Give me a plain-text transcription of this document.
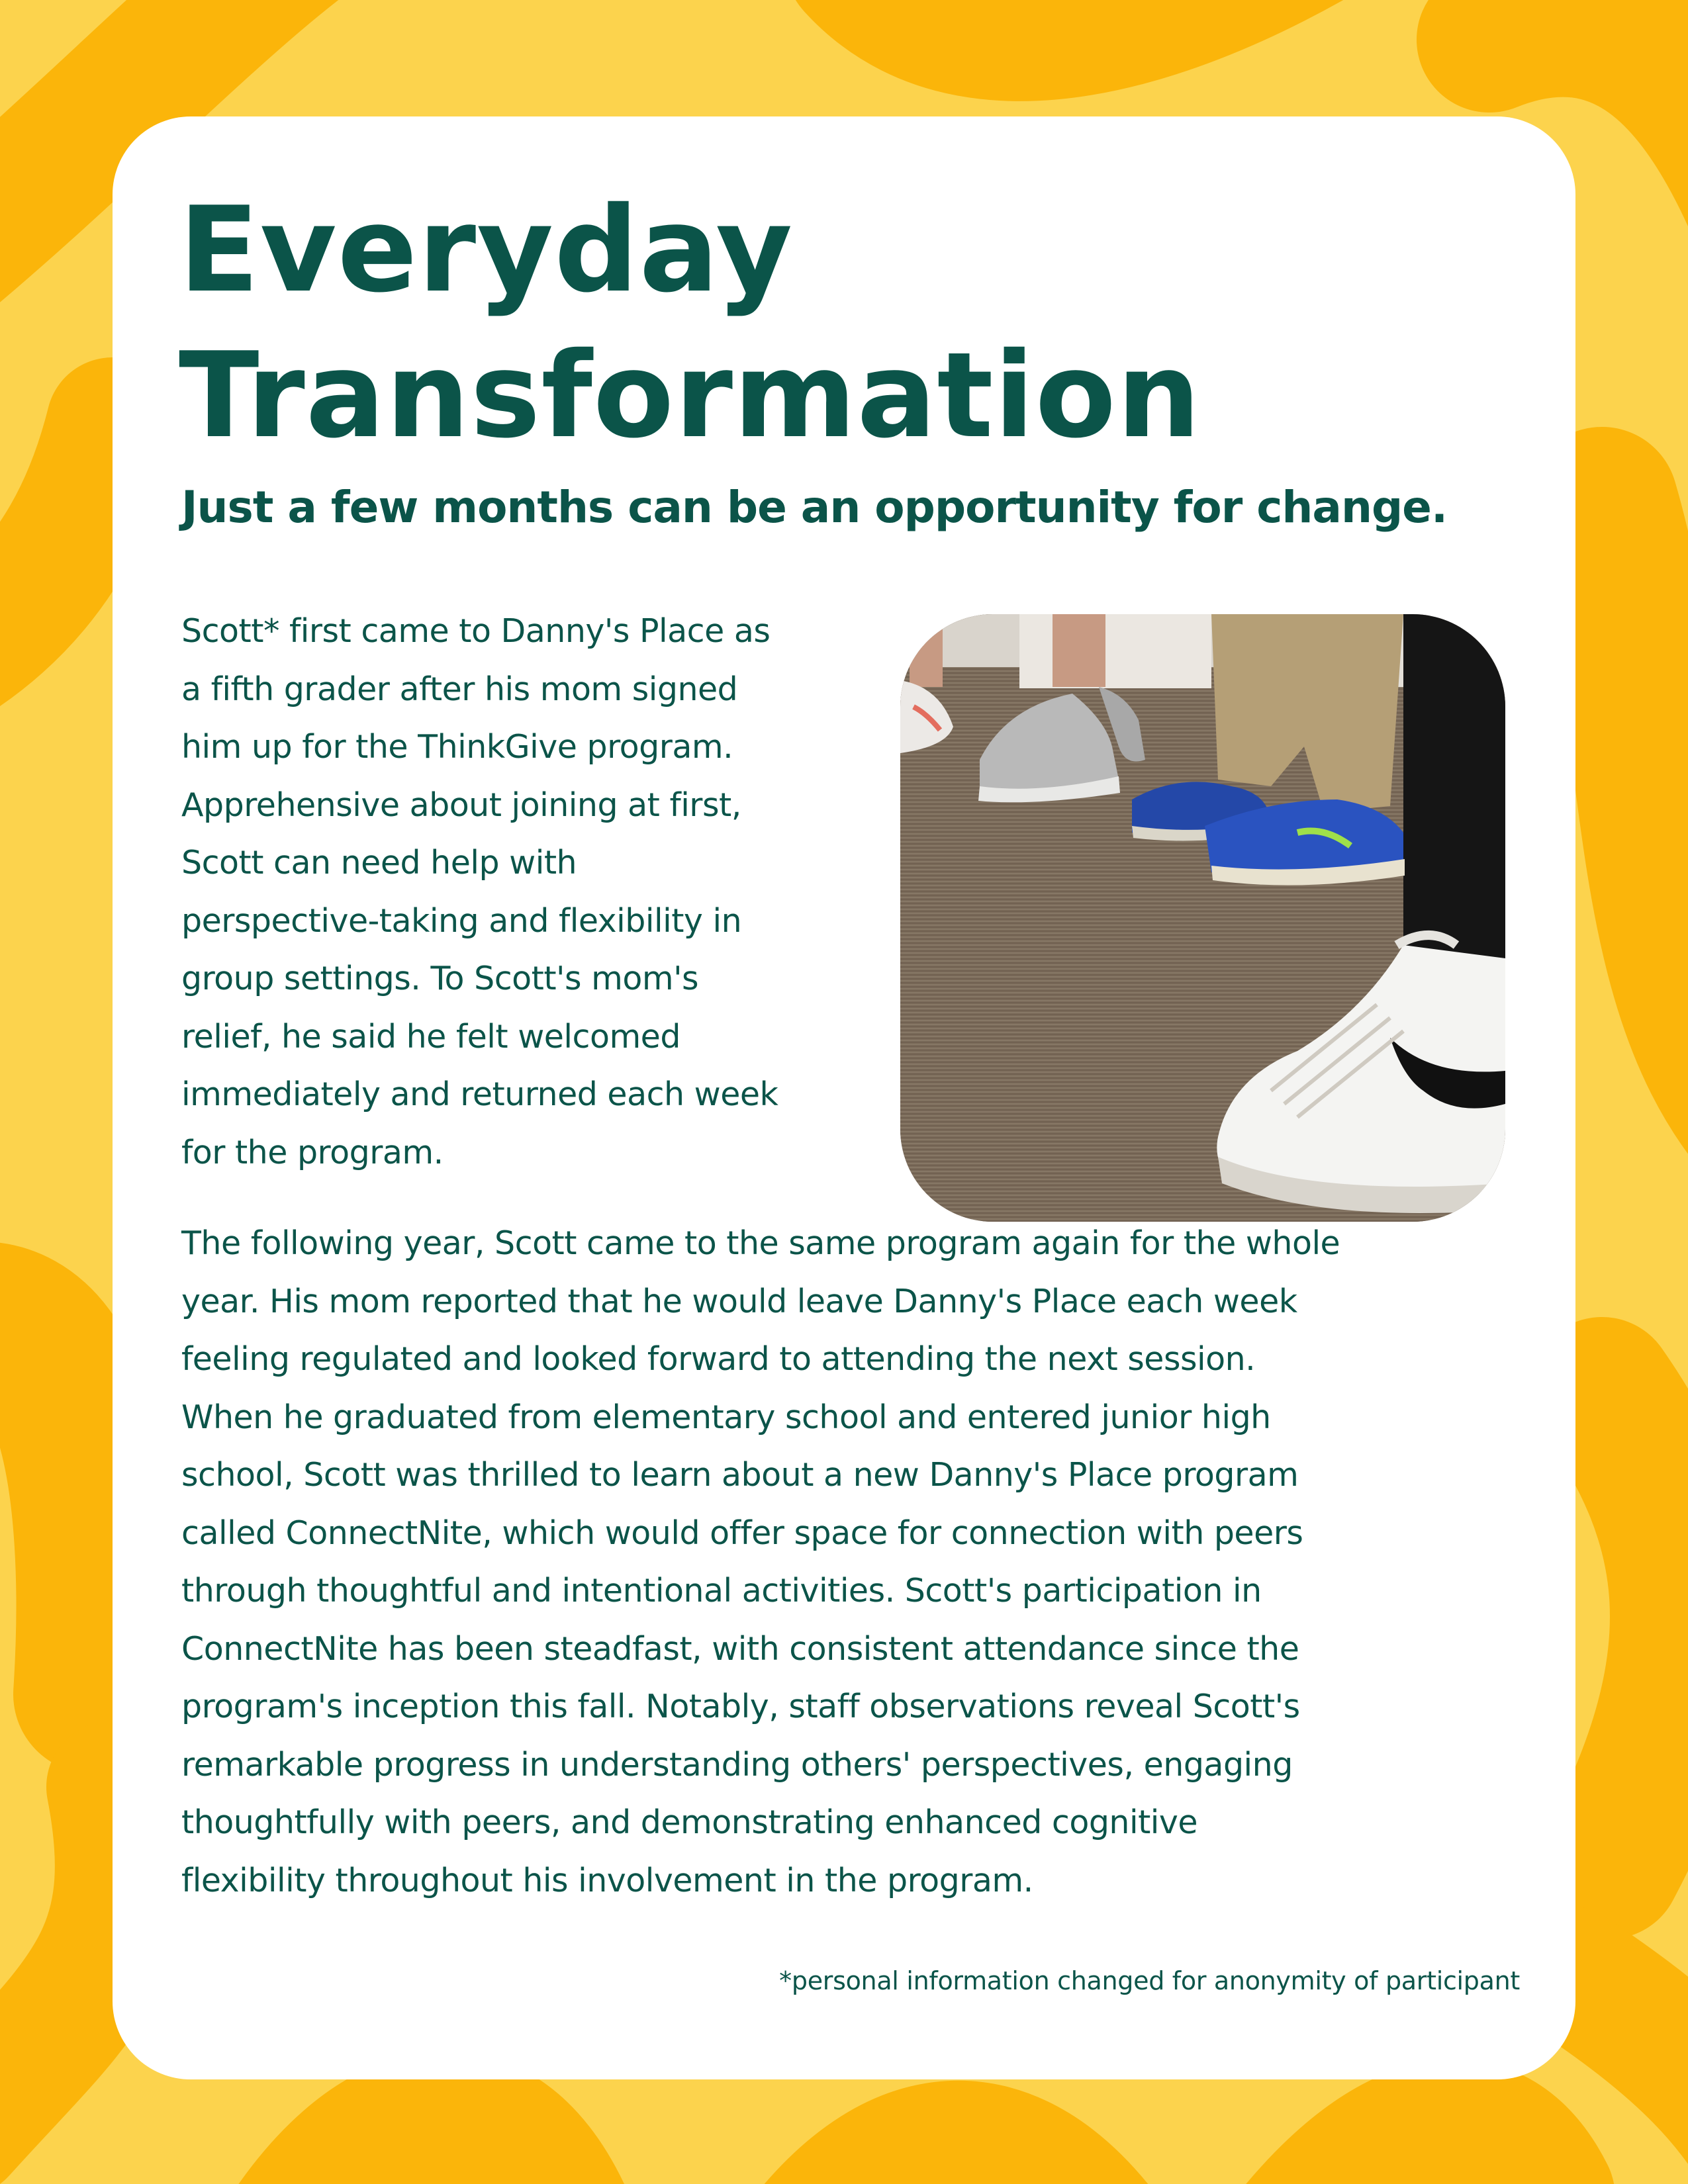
Everyday
Transformation

Just a few months can be an opportunity for change.

Scott* first came to Danny's Place as
a fifth grader after his mom signed
him up for the ThinkGive program.
Apprehensive about joining at first,
Scott can need help with
perspective-taking and flexibility in
group settings. To Scott's mom's
relief, he said he felt welcomed
immediately and returned each week
for the program.

The following year, Scott came to the same program again for the whole
year. His mom reported that he would leave Danny's Place each week
feeling regulated and looked forward to attending the next session.
When he graduated from elementary school and entered junior high
school, Scott was thrilled to learn about a new Danny's Place program
called ConnectNite, which would offer space for connection with peers
through thoughtful and intentional activities. Scott's participation in
ConnectNite has been steadfast, with consistent attendance since the
program's inception this fall. Notably, staff observations reveal Scott's
remarkable progress in understanding others' perspectives, engaging
thoughtfully with peers, and demonstrating enhanced cognitive
flexibility throughout his involvement in the program.

*personal information changed for anonymity of participant
